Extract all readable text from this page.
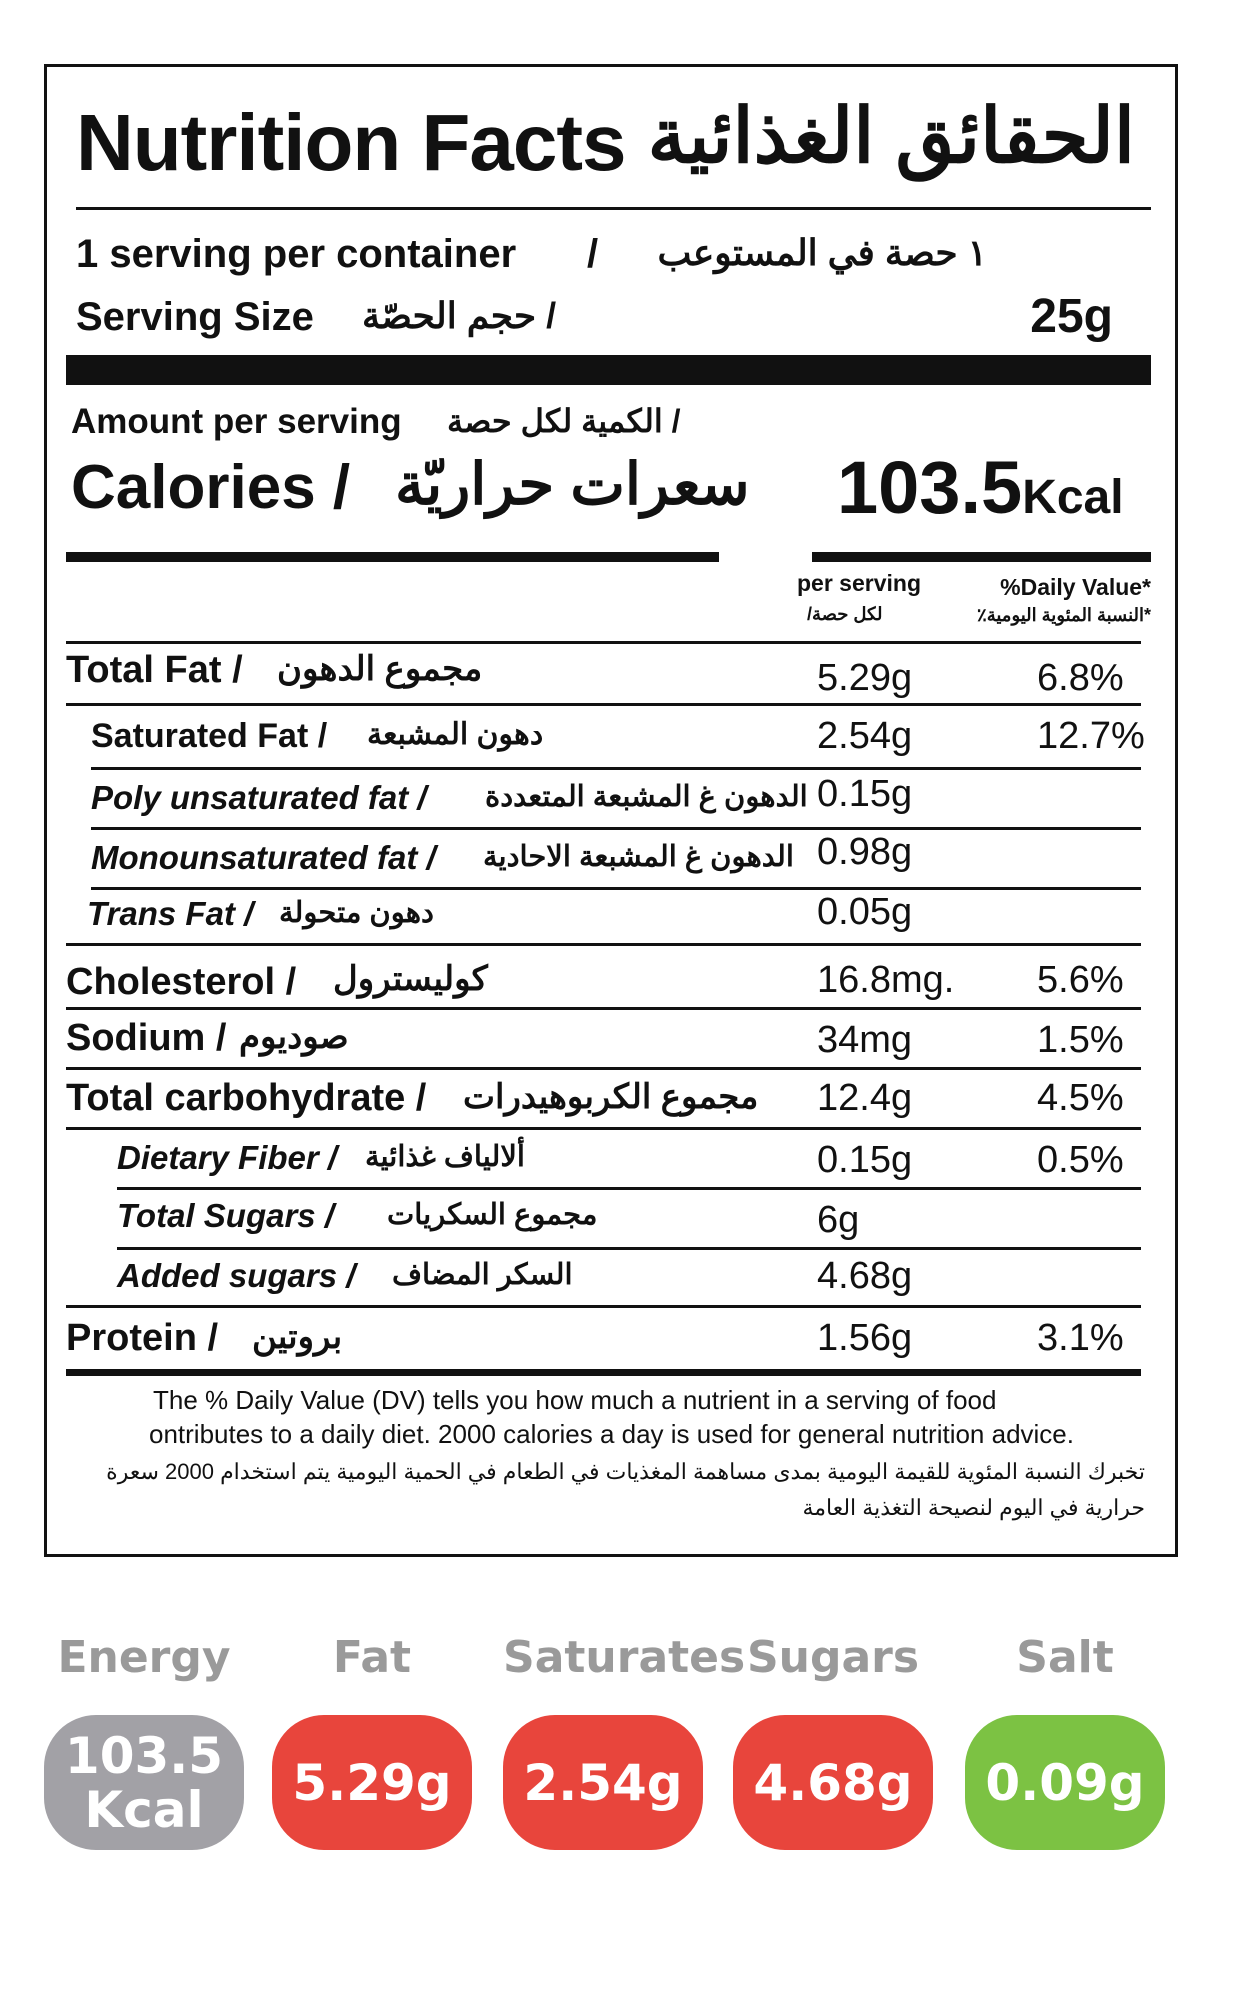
Nutrition Facts الحقائق الغذائية
1 serving per container / ١ حصة في المستوعب
Serving Size / حجم الحصّة	25g
Amount per serving / الكمية لكل حصة
Calories / سعرات حراريّة 103.5Kcal
per serving
لكل حصة/
%Daily Value*
*النسبة المئوية اليومية٪
Total Fat / مجموع الدهون	5.29g	6.8%
Saturated Fat / دهون المشبعة	2.54g	12.7%
Poly unsaturated fat / الدهون غ المشبعة المتعددة 0.15g
Monounsaturated fat / الدهون غ المشبعة الاحادية 0.98g
Trans Fat / دهون متحولة	0.05g
Cholesterol / كوليسترول	16.8mg. 5.6%
Sodium / صوديوم	34mg	1.5%
Total carbohydrate / مجموع الكربوهيدرات 12.4g	4.5%
Dietary Fiber / ألالياف غذائية	0.15g	0.5%
Total Sugars / مجموع السكريات	6g
Added sugars / السكر المضاف	4.68g
Protein / بروتين	1.56g	3.1%
The % Daily Value (DV) tells you how much a nutrient in a serving of food
ontributes to a daily diet. 2000 calories a day is used for general nutrition advice.
تخبرك النسبة المئوية للقيمة اليومية بمدى مساهمة المغذيات في الطعام في الحمية اليومية يتم استخدام 2000 سعرة
حرارية في اليوم لنصيحة التغذية العامة
Energy
103.5 Kcal
Fat
5.29g
Saturates
2.54g
Sugars
4.68g
Salt
0.09g
